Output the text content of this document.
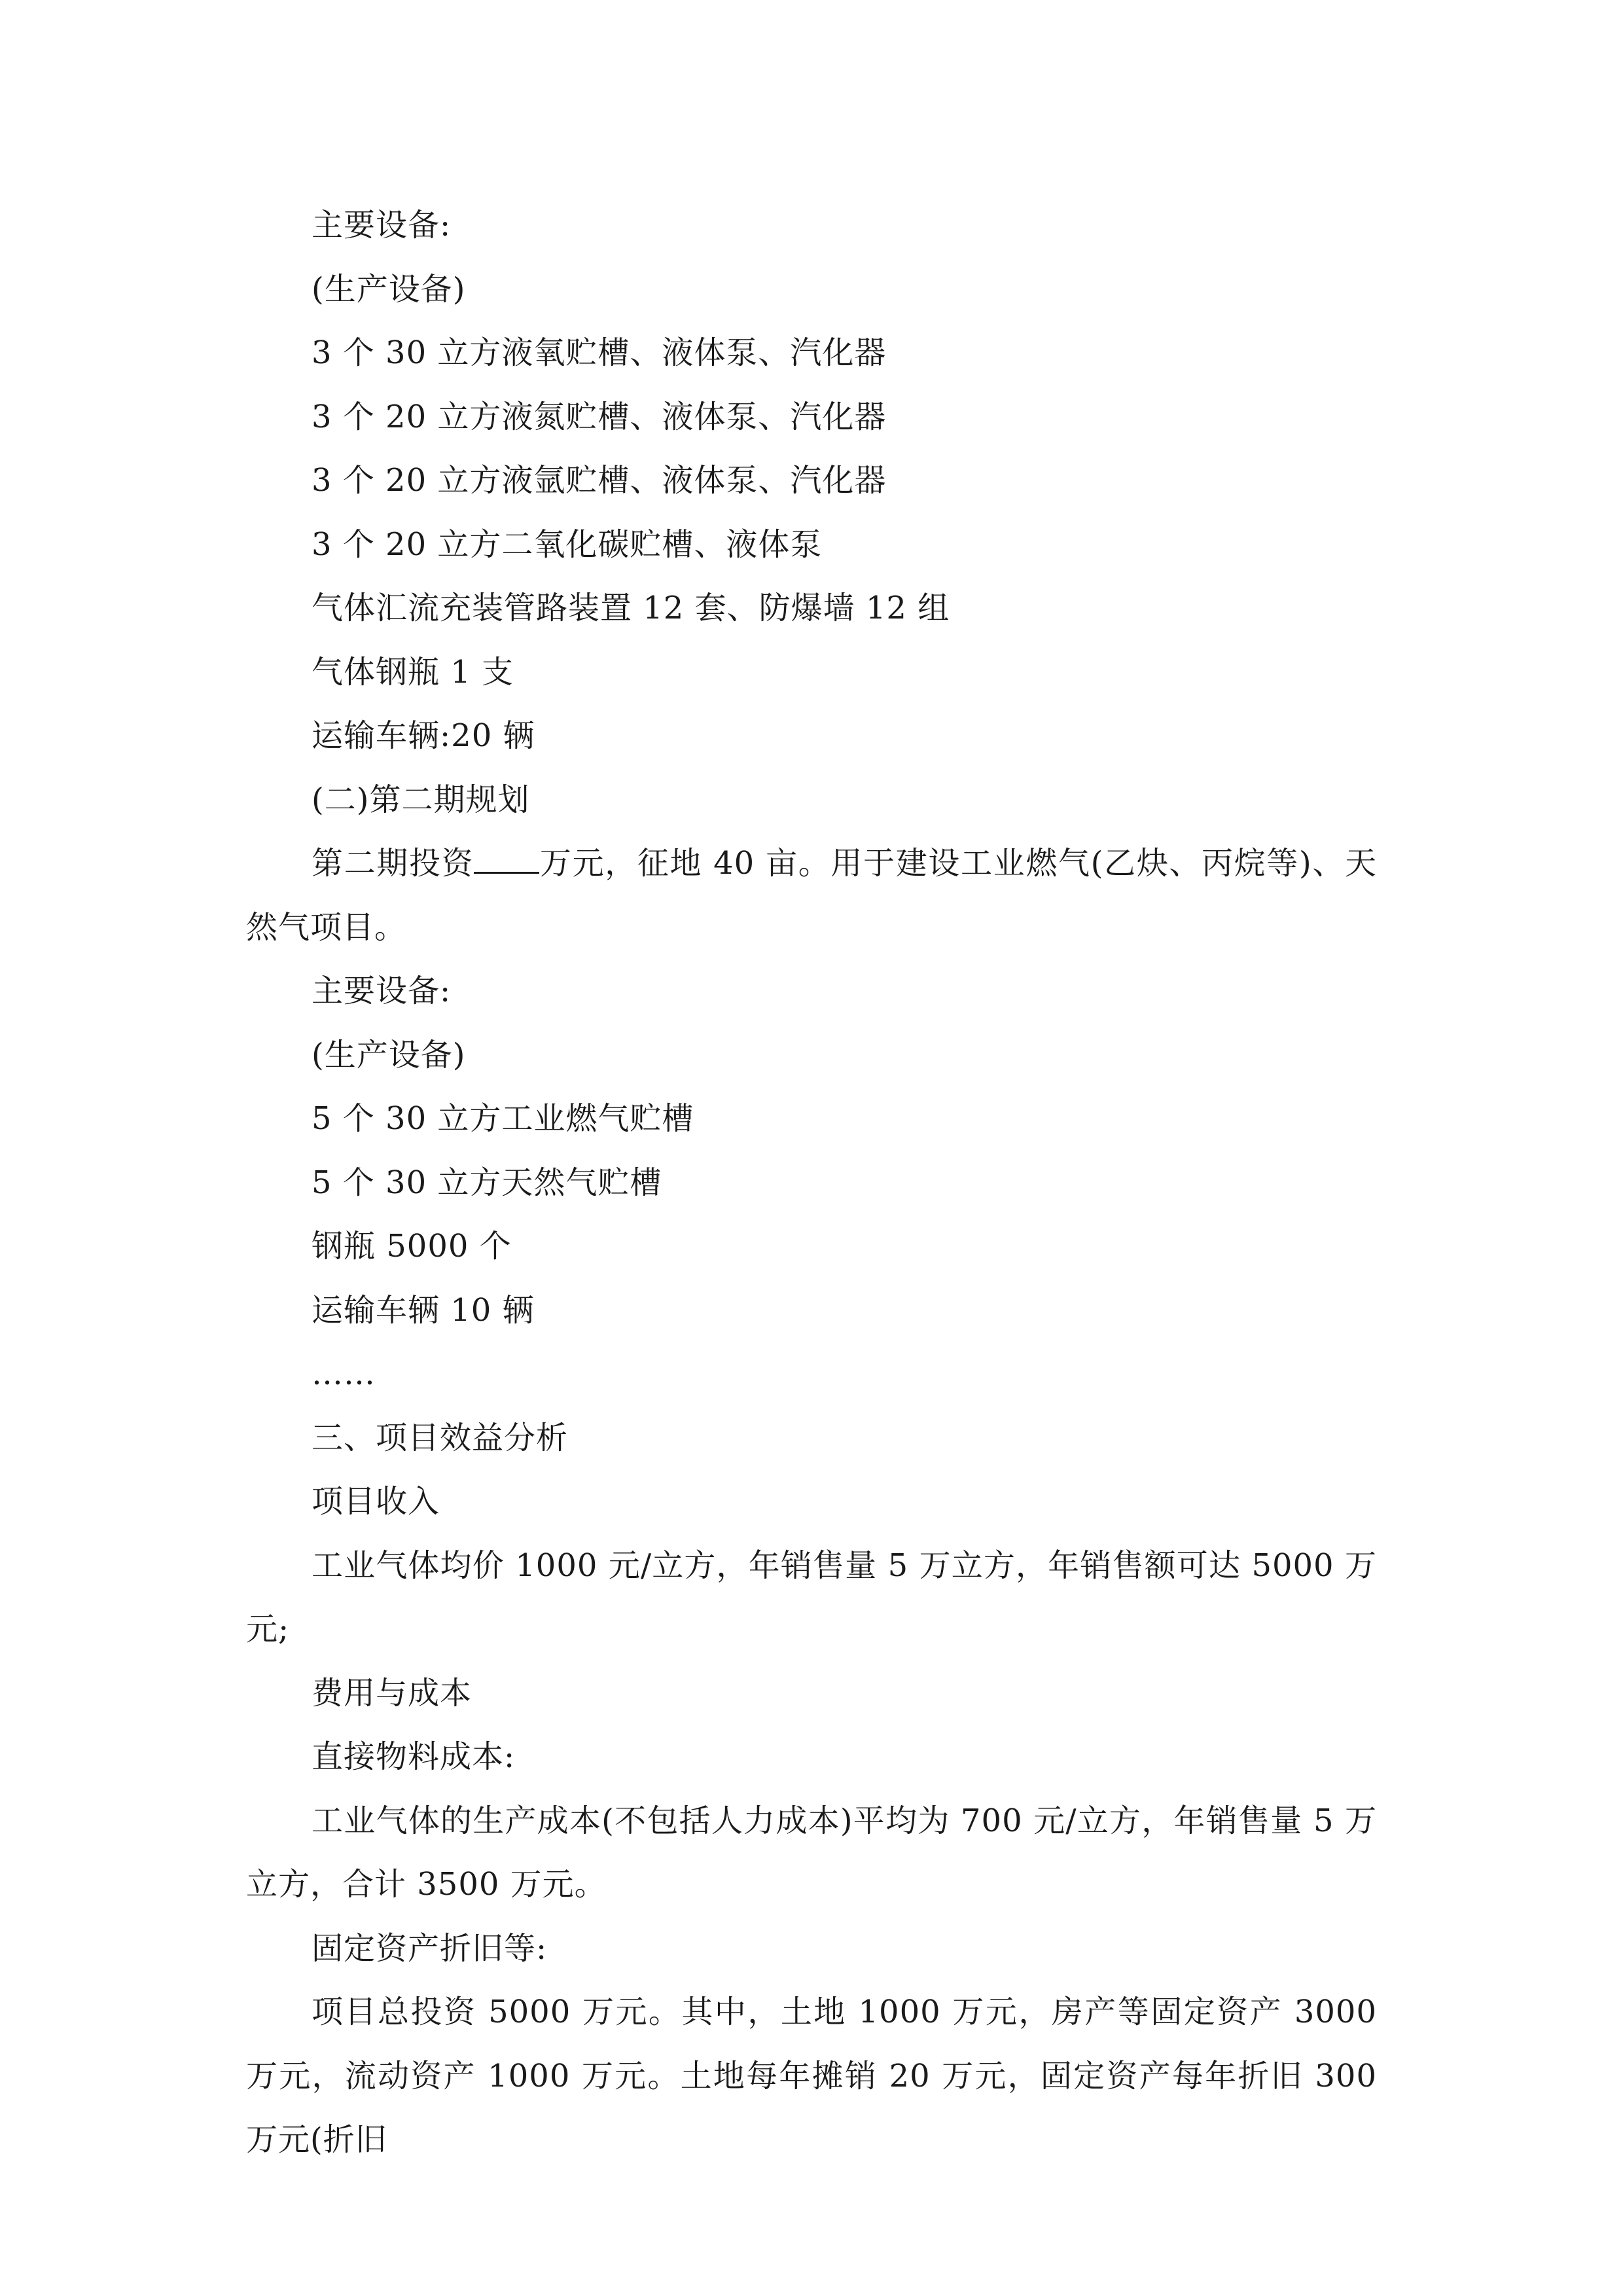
主要设备:

(生产设备)

3 个 30 立方液氧贮槽、液体泵、汽化器

3 个 20 立方液氮贮槽、液体泵、汽化器

3 个 20 立方液氩贮槽、液体泵、汽化器

3 个 20 立方二氧化碳贮槽、液体泵

气体汇流充装管路装置 12 套、防爆墙 12 组

气体钢瓶 1 支

运输车辆:20 辆

(二)第二期规划

第二期投资 万元，征地 40 亩。用于建设工业燃气(乙炔、丙烷等)、天然气项目。

主要设备:

(生产设备)

5 个 30 立方工业燃气贮槽

5 个 30 立方天然气贮槽

钢瓶 5000 个

运输车辆 10 辆

……

三、项目效益分析

项目收入

工业气体均价 1000 元/立方，年销售量 5 万立方，年销售额可达 5000 万元;

费用与成本

直接物料成本:

工业气体的生产成本(不包括人力成本)平均为 700 元/立方，年销售量 5 万立方，合计 3500 万元。

固定资产折旧等:

项目总投资 5000 万元。其中，土地 1000 万元，房产等固定资产 3000 万元，流动资产 1000 万元。土地每年摊销 20 万元，固定资产每年折旧 300 万元(折旧
